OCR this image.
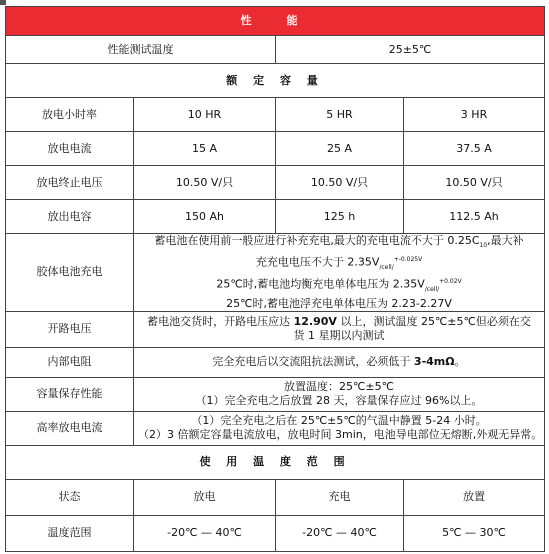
性　能			
性能测试温度		25±5℃	
额 定 容 量			
放电小时率	10 HR	5 HR	3 HR
放电电流	15 A	25 A	37.5 A
放电终止电压	10.50 V/只	10.50 V/只	10.50 V/只
放出电容	150 Ah	125 h	112.5 Ah
胶体电池充电	蓄电池在使用前一般应进行补充充电,最大的充电电流不大于 $0.25C_{10}$,最大补
充充电电压不大于 $2.35V_{/cell/}^{+-0.025V}$
25℃时,蓄电池均衡充电单体电压为 $2.35V_{/cell/}^{+0.02V}$
25℃时,蓄电池浮充电单体电压为 2.23-2.27V		

开路电压	蓄电池交货时，开路电压应达 12.90V 以上，测试温度 25℃±5℃但必须在交
货 1 星期以内测试		

内部电阻	完全充电后以交流阻抗法测试，必须低于 3-4mΩ。		
容量保存性能	放置温度：25℃±5℃
（1）完全充电之后放置 28 天，容量保存应过 96%以上。		

高率放电电流	（1）完全充电之后在 25℃±5℃的气温中静置 5-24 小时。
（2）3 倍额定容量电流放电，放电时间 3min，电池导电部位无熔断,外观无异常。		

使 用 温 度 范 围			
状态	放电	充电	放置
温度范围	-20℃ — 40℃	-20℃ — 40℃	5℃ — 30℃
